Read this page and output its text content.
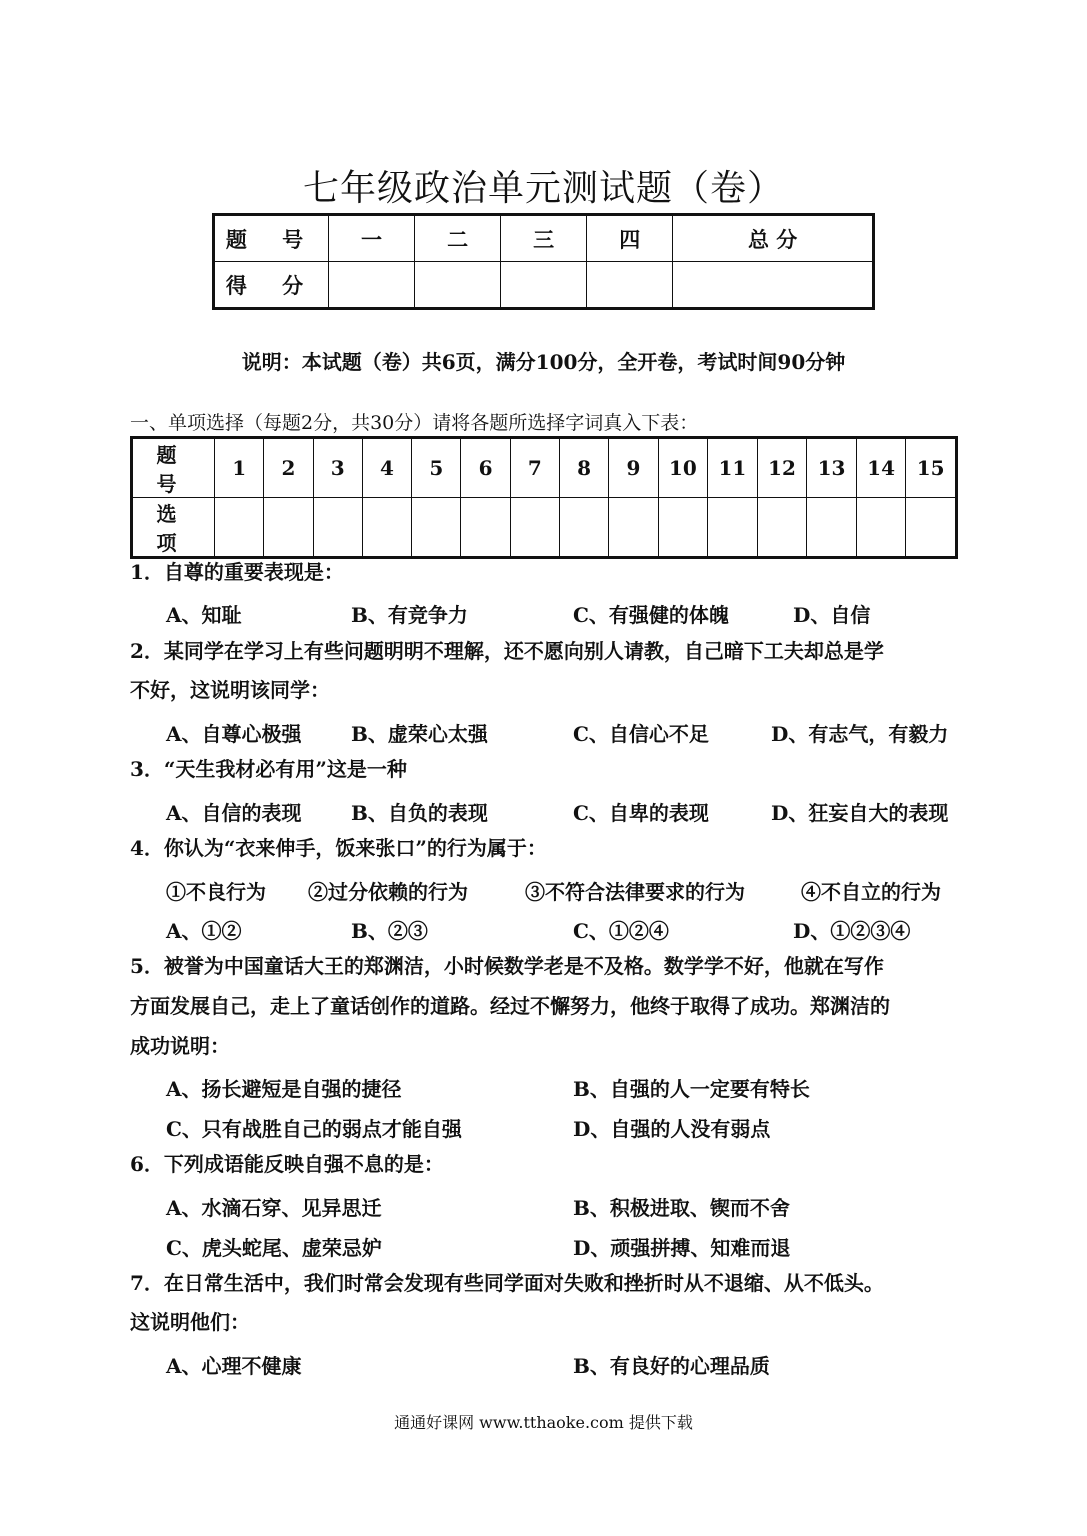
七年级政治单元测试题（卷）
题 号	一	二	三	四	总 分
得 分					
说明：本试题（卷）共6页，满分100分，全开卷，考试时间90分钟
一、单项选择（每题2分，共30分）请将各题所选择字词真入下表：
题 号	1	2	3	4	5	6	7	8	9	10	11	12	13	14	15
选 项															
1．自尊的重要表现是：
A、知耻	B、有竞争力	C、有强健的体魄	D、自信
2．某同学在学习上有些问题明明不理解，还不愿向别人请教，自己暗下工夫却总是学
不好，这说明该同学：
A、自尊心极强 B、虚荣心太强	C、自信心不足	D、有志气，有毅力
3．“天生我材必有用”这是一种
A、自信的表现 B、自负的表现	C、自卑的表现	D、狂妄自大的表现
4．你认为“衣来伸手，饭来张口”的行为属于：
①不良行为 ②过分依赖的行为	③不符合法律要求的行为	④不自立的行为
A、①②	B、②③	C、①②④	D、①②③④
5．被誉为中国童话大王的郑渊洁，小时候数学老是不及格。数学学不好，他就在写作
方面发展自己，走上了童话创作的道路。经过不懈努力，他终于取得了成功。郑渊洁的
成功说明：
A、扬长避短是自强的捷径	B、自强的人一定要有特长
C、只有战胜自己的弱点才能自强	D、自强的人没有弱点
6．下列成语能反映自强不息的是：
A、水滴石穿、见异思迁	B、积极进取、锲而不舍
C、虎头蛇尾、虚荣忌妒	D、顽强拼搏、知难而退
7．在日常生活中，我们时常会发现有些同学面对失败和挫折时从不退缩、从不低头。
这说明他们：
A、心理不健康	B、有良好的心理品质
通通好课网 www.tthaoke.com 提供下载
